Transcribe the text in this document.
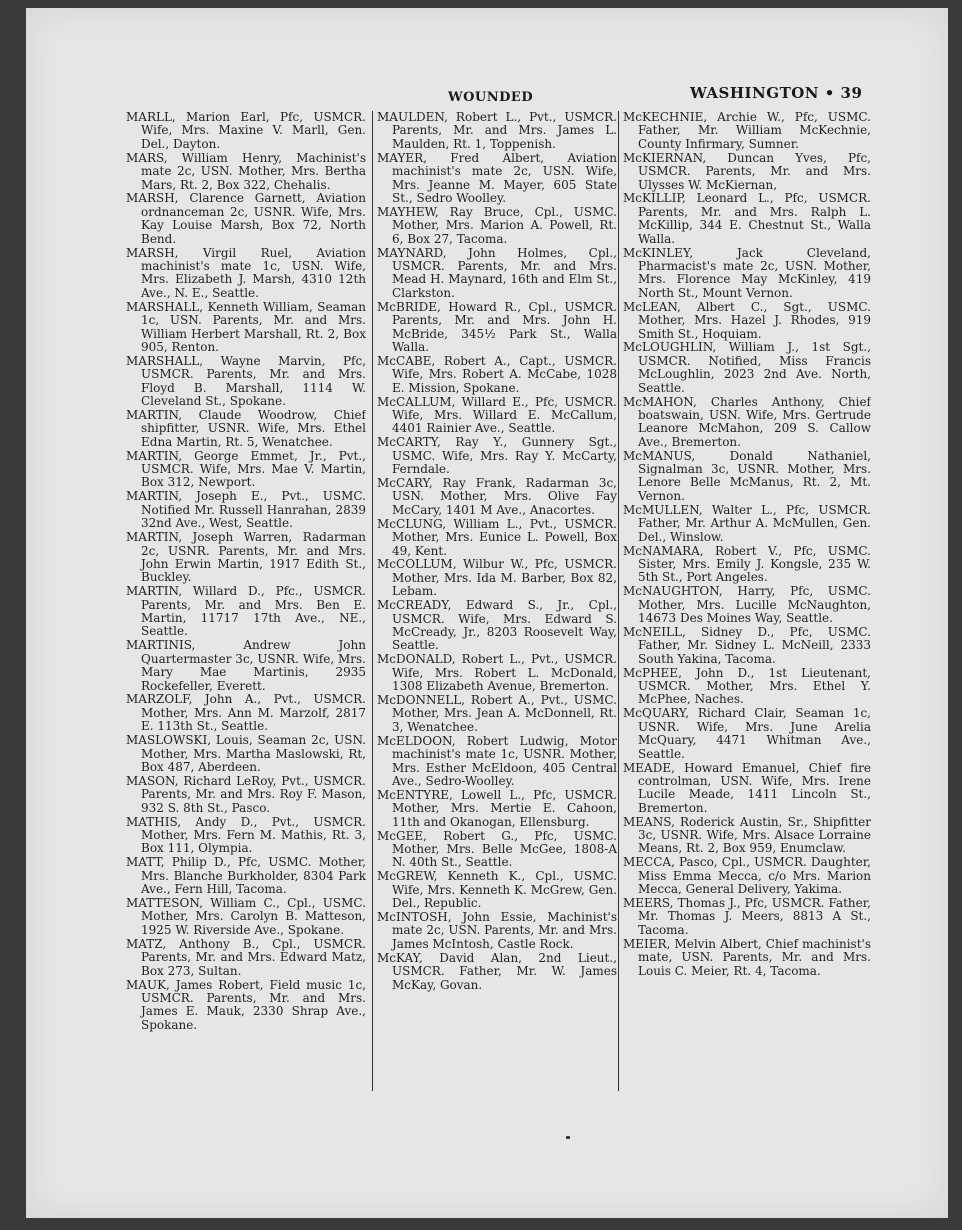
WOUNDED	WASHINGTON • 39

MARLL, Marion Earl, Pfc, USMCR. Wife, Mrs. Maxine V. Marll, Gen. Del., Dayton.

MARS, William Henry, Machinist's mate 2c, USN. Mother, Mrs. Bertha Mars, Rt. 2, Box 322, Chehalis.

MARSH, Clarence Garnett, Aviation ordnanceman 2c, USNR. Wife, Mrs. Kay Louise Marsh, Box 72, North Bend.

MARSH, Virgil Ruel, Aviation machinist's mate 1c, USN. Wife, Mrs. Elizabeth J. Marsh, 4310 12th Ave., N. E., Seattle.

MARSHALL, Kenneth William, Seaman 1c, USN. Parents, Mr. and Mrs. William Herbert Marshall, Rt. 2, Box 905, Renton.

MARSHALL, Wayne Marvin, Pfc, USMCR. Parents, Mr. and Mrs. Floyd B. Marshall, 1114 W. Cleveland St., Spokane.

MARTIN, Claude Woodrow, Chief shipfitter, USNR. Wife, Mrs. Ethel Edna Martin, Rt. 5, Wenatchee.

MARTIN, George Emmet, Jr., Pvt., USMCR. Wife, Mrs. Mae V. Martin, Box 312, Newport.

MARTIN, Joseph E., Pvt., USMC. Notified Mr. Russell Hanrahan, 2839 32nd Ave., West, Seattle.

MARTIN, Joseph Warren, Radarman 2c, USNR. Parents, Mr. and Mrs. John Erwin Martin, 1917 Edith St., Buckley.

MARTIN, Willard D., Pfc., USMCR. Parents, Mr. and Mrs. Ben E. Martin, 11717 17th Ave., NE., Seattle.

MARTINIS, Andrew John Quartermaster 3c, USNR. Wife, Mrs. Mary Mae Martinis, 2935 Rockefeller, Everett.

MARZOLF, John A., Pvt., USMCR. Mother, Mrs. Ann M. Marzolf, 2817 E. 113th St., Seattle.

MASLOWSKI, Louis, Seaman 2c, USN. Mother, Mrs. Martha Maslowski, Rt, Box 487, Aberdeen.

MASON, Richard LeRoy, Pvt., USMCR. Parents, Mr. and Mrs. Roy F. Mason, 932 S. 8th St., Pasco.

MATHIS, Andy D., Pvt., USMCR. Mother, Mrs. Fern M. Mathis, Rt. 3, Box 111, Olympia.

MATT, Philip D., Pfc, USMC. Mother, Mrs. Blanche Burkholder, 8304 Park Ave., Fern Hill, Tacoma.

MATTESON, William C., Cpl., USMC. Mother, Mrs. Carolyn B. Matteson, 1925 W. Riverside Ave., Spokane.

MATZ, Anthony B., Cpl., USMCR. Parents, Mr. and Mrs. Edward Matz, Box 273, Sultan.

MAUK, James Robert, Field music 1c, USMCR. Parents, Mr. and Mrs. James E. Mauk, 2330 Shrap Ave., Spokane.

MAULDEN, Robert L., Pvt., USMCR. Parents, Mr. and Mrs. James L. Maulden, Rt. 1, Toppenish.

MAYER, Fred Albert, Aviation machinist's mate 2c, USN. Wife, Mrs. Jeanne M. Mayer, 605 State St., Sedro Woolley.

MAYHEW, Ray Bruce, Cpl., USMC. Mother, Mrs. Marion A. Powell, Rt. 6, Box 27, Tacoma.

MAYNARD, John Holmes, Cpl., USMCR. Parents, Mr. and Mrs. Mead H. Maynard, 16th and Elm St., Clarkston.

McBRIDE, Howard R., Cpl., USMCR. Parents, Mr. and Mrs. John H. McBride, 345½ Park St., Walla Walla.

McCABE, Robert A., Capt., USMCR. Wife, Mrs. Robert A. McCabe, 1028 E. Mission, Spokane.

McCALLUM, Willard E., Pfc, USMCR. Wife, Mrs. Willard E. McCallum, 4401 Rainier Ave., Seattle.

McCARTY, Ray Y., Gunnery Sgt., USMC. Wife, Mrs. Ray Y. McCarty, Ferndale.

McCARY, Ray Frank, Radarman 3c, USN. Mother, Mrs. Olive Fay McCary, 1401 M Ave., Anacortes.

McCLUNG, William L., Pvt., USMCR. Mother, Mrs. Eunice L. Powell, Box 49, Kent.

McCOLLUM, Wilbur W., Pfc, USMCR. Mother, Mrs. Ida M. Barber, Box 82, Lebam.

McCREADY, Edward S., Jr., Cpl., USMCR. Wife, Mrs. Edward S. McCready, Jr., 8203 Roosevelt Way, Seattle.

McDONALD, Robert L., Pvt., USMCR. Wife, Mrs. Robert L. McDonald, 1308 Elizabeth Avenue, Bremerton.

McDONNELL, Robert A., Pvt., USMC. Mother, Mrs. Jean A. McDonnell, Rt. 3, Wenatchee.

McELDOON, Robert Ludwig, Motor machinist's mate 1c, USNR. Mother, Mrs. Esther McEldoon, 405 Central Ave., Sedro-Woolley.

McENTYRE, Lowell L., Pfc, USMCR. Mother, Mrs. Mertie E. Cahoon, 11th and Okanogan, Ellensburg.

McGEE, Robert G., Pfc, USMC. Mother, Mrs. Belle McGee, 1808-A N. 40th St., Seattle.

McGREW, Kenneth K., Cpl., USMC. Wife, Mrs. Kenneth K. McGrew, Gen. Del., Republic.

McINTOSH, John Essie, Machinist's mate 2c, USN. Parents, Mr. and Mrs. James McIntosh, Castle Rock.

McKAY, David Alan, 2nd Lieut., USMCR. Father, Mr. W. James McKay, Govan.

McKECHNIE, Archie W., Pfc, USMC. Father, Mr. William McKechnie, County Infirmary, Sumner.

McKIERNAN, Duncan Yves, Pfc, USMCR. Parents, Mr. and Mrs. Ulysses W. McKiernan,

McKILLIP, Leonard L., Pfc, USMCR. Parents, Mr. and Mrs. Ralph L. McKillip, 344 E. Chestnut St., Walla Walla.

McKINLEY, Jack Cleveland, Pharmacist's mate 2c, USN. Mother, Mrs. Florence May McKinley, 419 North St., Mount Vernon.

McLEAN, Albert C., Sgt., USMC. Mother, Mrs. Hazel J. Rhodes, 919 Smith St., Hoquiam.

McLOUGHLIN, William J., 1st Sgt., USMCR. Notified, Miss Francis McLoughlin, 2023 2nd Ave. North, Seattle.

McMAHON, Charles Anthony, Chief boatswain, USN. Wife, Mrs. Gertrude Leanore McMahon, 209 S. Callow Ave., Bremerton.

McMANUS, Donald Nathaniel, Signalman 3c, USNR. Mother, Mrs. Lenore Belle McManus, Rt. 2, Mt. Vernon.

McMULLEN, Walter L., Pfc, USMCR. Father, Mr. Arthur A. McMullen, Gen. Del., Winslow.

McNAMARA, Robert V., Pfc, USMC. Sister, Mrs. Emily J. Kongsle, 235 W. 5th St., Port Angeles.

McNAUGHTON, Harry, Pfc, USMC. Mother, Mrs. Lucille McNaughton, 14673 Des Moines Way, Seattle.

McNEILL, Sidney D., Pfc, USMC. Father, Mr. Sidney L. McNeill, 2333 South Yakina, Tacoma.

McPHEE, John D., 1st Lieutenant, USMCR. Mother, Mrs. Ethel Y. McPhee, Naches.

McQUARY, Richard Clair, Seaman 1c, USNR. Wife, Mrs. June Arelia McQuary, 4471 Whitman Ave., Seattle.

MEADE, Howard Emanuel, Chief fire controlman, USN. Wife, Mrs. Irene Lucile Meade, 1411 Lincoln St., Bremerton.

MEANS, Roderick Austin, Sr., Shipfitter 3c, USNR. Wife, Mrs. Alsace Lorraine Means, Rt. 2, Box 959, Enumclaw.

MECCA, Pasco, Cpl., USMCR. Daughter, Miss Emma Mecca, c/o Mrs. Marion Mecca, General Delivery, Yakima.

MEERS, Thomas J., Pfc, USMCR. Father, Mr. Thomas J. Meers, 8813 A St., Tacoma.

MEIER, Melvin Albert, Chief machinist's mate, USN. Parents, Mr. and Mrs. Louis C. Meier, Rt. 4, Tacoma.
